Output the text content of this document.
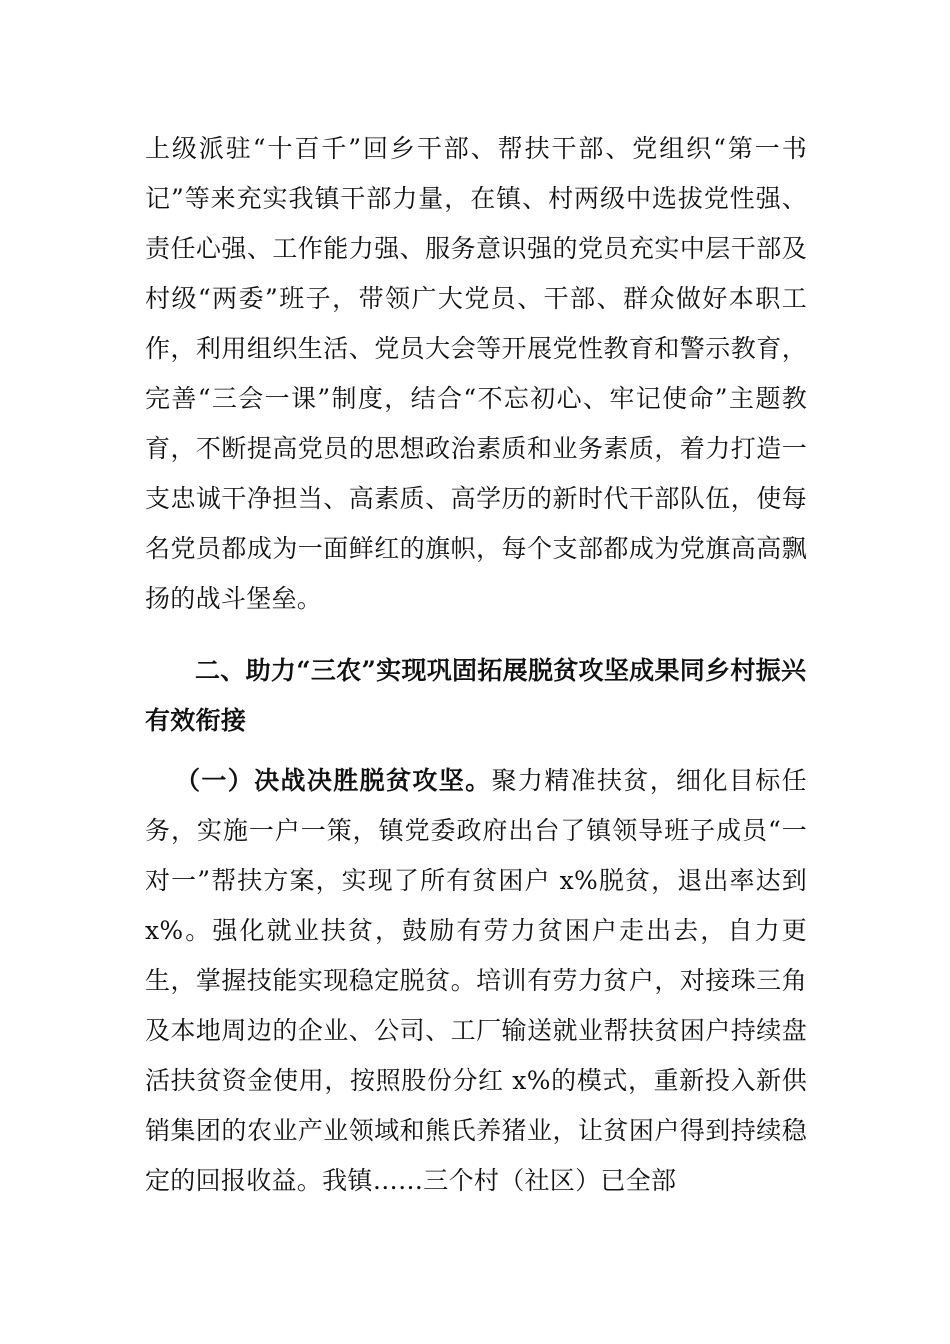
上级派驻“十百千”回乡干部、帮扶干部、党组织“第一书记”等来充实我镇干部力量，在镇、村两级中选拔党性强、责任心强、工作能力强、服务意识强的党员充实中层干部及村级“两委”班子，带领广大党员、干部、群众做好本职工作，利用组织生活、党员大会等开展党性教育和警示教育，完善“三会一课”制度，结合“不忘初心、牢记使命”主题教育，不断提高党员的思想政治素质和业务素质，着力打造一支忠诚干净担当、高素质、高学历的新时代干部队伍，使每名党员都成为一面鲜红的旗帜，每个支部都成为党旗高高飘扬的战斗堡垒。

二、助力“三农”实现巩固拓展脱贫攻坚成果同乡村振兴有效衔接

（一）决战决胜脱贫攻坚。聚力精准扶贫，细化目标任务，实施一户一策，镇党委政府出台了镇领导班子成员“一对一”帮扶方案，实现了所有贫困户 x%脱贫，退出率达到 x%。强化就业扶贫，鼓励有劳力贫困户走出去，自力更生，掌握技能实现稳定脱贫。培训有劳力贫户，对接珠三角及本地周边的企业、公司、工厂输送就业帮扶贫困户持续盘活扶贫资金使用，按照股份分红 x%的模式，重新投入新供销集团的农业产业领域和熊氏养猪业，让贫困户得到持续稳定的回报收益。我镇……三个村（社区）已全部
